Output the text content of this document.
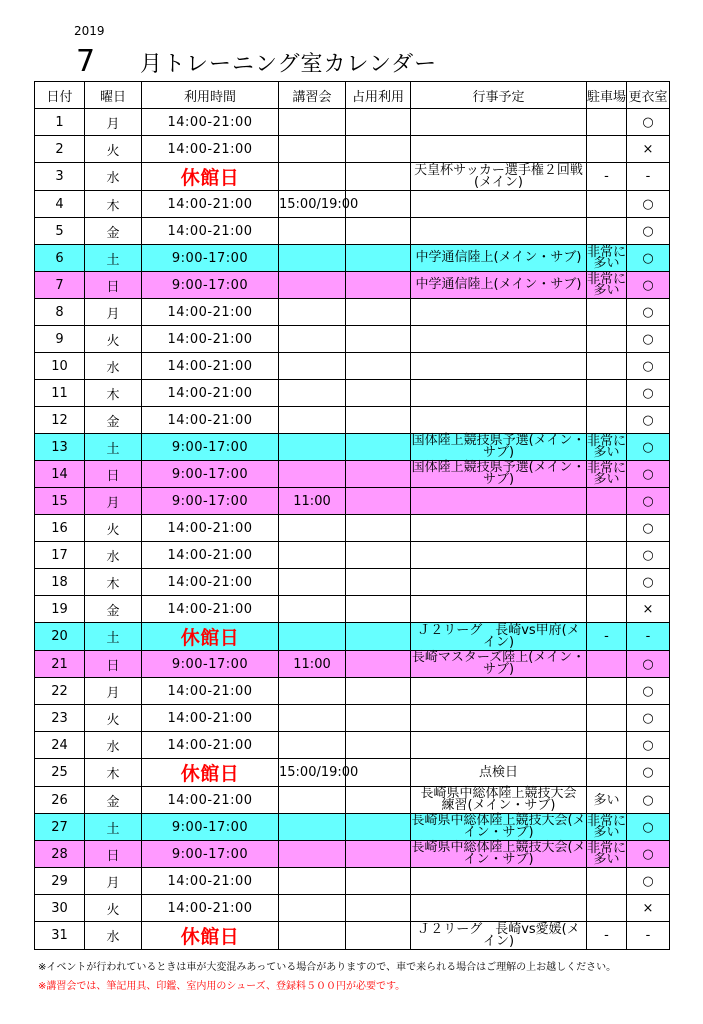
2019
7 月トレーニング室カレンダー
日付	曜日	利用時間	講習会	占用利用	行事予定	駐車場	更衣室
1	月	14:00-21:00					○
2	火	14:00-21:00					×
3	水	休館日			天皇杯サッカー選手権２回戦(メイン)	-	-
4	木	14:00-21:00	15:00/19:00				○
5	金	14:00-21:00					○
6	土	9:00-17:00			中学通信陸上(メイン・サブ)	非常に多い	○
7	日	9:00-17:00			中学通信陸上(メイン・サブ)	非常に多い	○
8	月	14:00-21:00					○
9	火	14:00-21:00					○
10	水	14:00-21:00					○
11	木	14:00-21:00					○
12	金	14:00-21:00					○
13	土	9:00-17:00			国体陸上競技県予選(メイン・サブ)	非常に多い	○
14	日	9:00-17:00			国体陸上競技県予選(メイン・サブ)	非常に多い	○
15	月	9:00-17:00	11:00				○
16	火	14:00-21:00					○
17	水	14:00-21:00					○
18	木	14:00-21:00					○
19	金	14:00-21:00					×
20	土	休館日			Ｊ２リーグ　長崎vs甲府(メイン)	-	-
21	日	9:00-17:00	11:00		長崎マスターズ陸上(メイン・サブ)		○
22	月	14:00-21:00					○
23	火	14:00-21:00					○
24	水	14:00-21:00					○
25	木	休館日	15:00/19:00		点検日		○
26	金	14:00-21:00			長崎県中総体陸上競技大会　練習(メイン・サブ)	多い	○
27	土	9:00-17:00			長崎県中総体陸上競技大会(メイン・サブ)	非常に多い	○
28	日	9:00-17:00			長崎県中総体陸上競技大会(メイン・サブ)	非常に多い	○
29	月	14:00-21:00					○
30	火	14:00-21:00					×
31	水	休館日			Ｊ２リーグ　長崎vs愛媛(メイン)	-	-
※イベントが行われているときは車が大変混みあっている場合がありますので、車で来られる場合はご理解の上お越しください。
※講習会では、筆記用具、印鑑、室内用のシューズ、登録料５００円が必要です。
